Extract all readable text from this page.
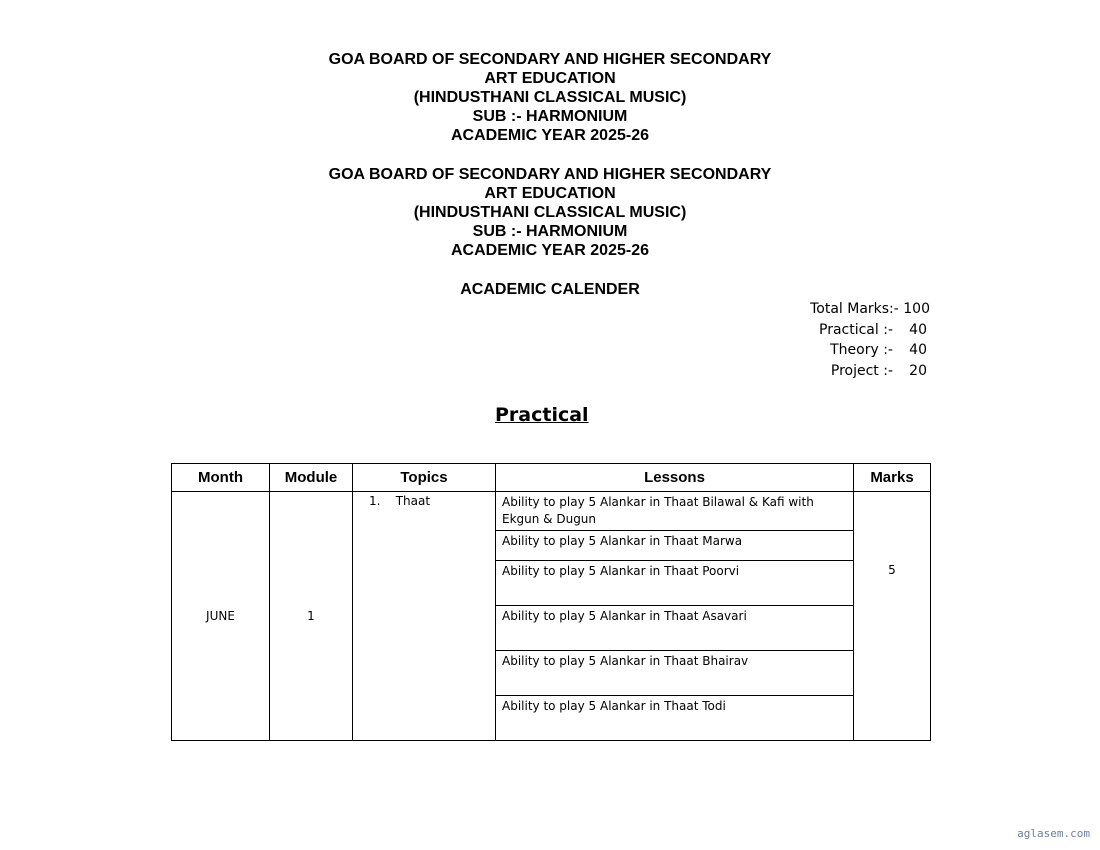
GOA BOARD OF SECONDARY AND HIGHER SECONDARY
ART EDUCATION
(HINDUSTHANI CLASSICAL MUSIC)
SUB :- HARMONIUM
ACADEMIC YEAR 2025-26
GOA BOARD OF SECONDARY AND HIGHER SECONDARY
ART EDUCATION
(HINDUSTHANI CLASSICAL MUSIC)
SUB :- HARMONIUM
ACADEMIC YEAR 2025-26
ACADEMIC CALENDER
Total Marks:- 100
Practical :- 40
Theory :- 40
Project :- 20
Practical
Month	Module	Topics	Lessons	Marks
JUNE	1	1. Thaat	Ability to play 5 Alankar in Thaat Bilawal & Kafi with Ekgun & Dugun	
			Ability to play 5 Alankar in Thaat Marwa	
			Ability to play 5 Alankar in Thaat Poorvi	5

			Ability to play 5 Alankar in Thaat Asavari	
			Ability to play 5 Alankar in Thaat Bhairav	
			Ability to play 5 Alankar in Thaat Todi	
aglasem.com
